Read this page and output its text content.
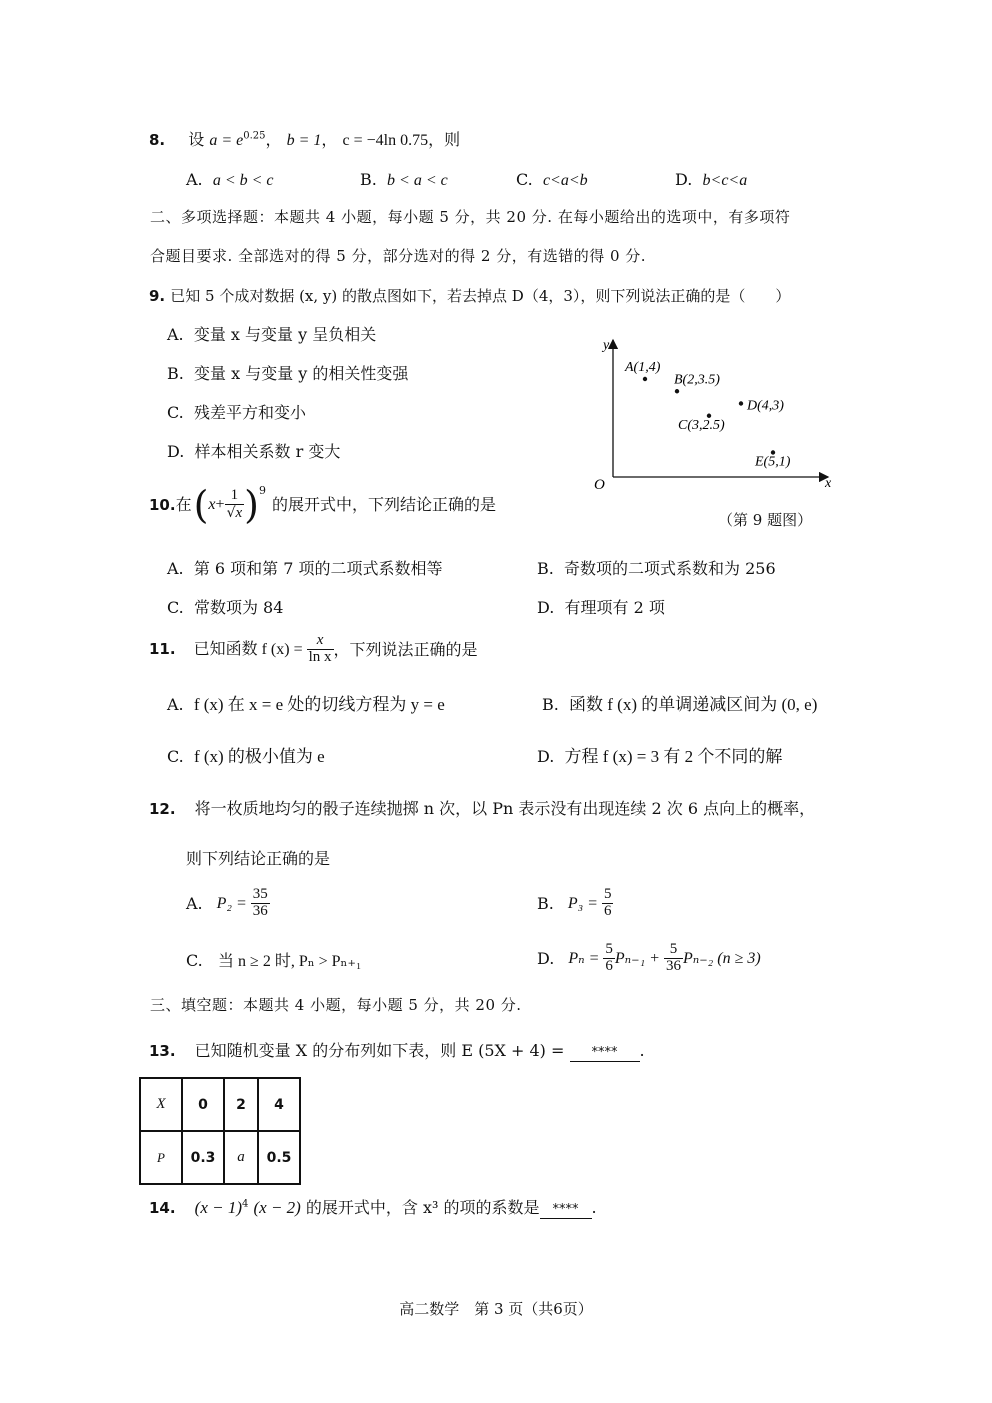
8. 设 $a = e^{0.25}$， b = 1， c = −4ln 0.75，则
A. a < b < c	B. b < a < c	C. c<a<b	D. b<c<a
二、多项选择题：本题共 4 小题，每小题 5 分，共 20 分. 在每小题给出的选项中，有多项符
合题目要求. 全部选对的得 5 分，部分选对的得 2 分，有选错的得 0 分.
9. 已知 5 个成对数据 (x, y) 的散点图如下，若去掉点 D（4，3），则下列说法正确的是（　　）
A. 变量 x 与变量 y 呈负相关
B. 变量 x 与变量 y 的相关性变强
C. 残差平方和变小
D. 样本相关系数 r 变大
x
y
O
A(1,4)
B(2,3.5)
C(3,2.5)
D(4,3)
E(5,1)
（第 9 题图）
10. 在 ( $x + \frac{1}{√x} )^9$
的展开式中，下列结论正确的是
A. 第 6 项和第 7 项的二项式系数相等	B. 奇数项的二项式系数和为 256
C. 常数项为 84	D. 有理项有 2 项
11. 已知函数 f $(x) = \frac{x}{\text{ln x}}$ ，下列说法正确的是
A. f (x) 在 x = e 处的切线方程为 y = e	B. 函数 f (x) 的单调递减区间为 (0, e)
C. f (x) 的极小值为 e	D. 方程 f (x) = 3 有 2 个不同的解
12. 将一枚质地均匀的骰子连续抛掷 n 次，以 Pn 表示没有出现连续 2 次 6 点向上的概率，
则下列结论正确的是
A. $P_2 = \frac{35}{36}$	B. $P_3 = \frac{5}{6}$
C. 当 n ≥ 2 时, Pₙ > Pₙ₊₁	D. $P_n = \frac{5}{6} P_{n-1} + \frac{5}{36} P_{n-2}$ (n ≥ 3)
三、填空题：本题共 4 小题，每小题 5 分，共 20 分.
13. 已知随机变量 X 的分布列如下表，则 E (5X + 4) = **** .
X	0	2	4
P	0.3	a	0.5
14. $(x - 1)^4$ (x − 2) 的展开式中，含 x³ 的项的系数是 **** .
高二数学　第 3 页（共6页）
